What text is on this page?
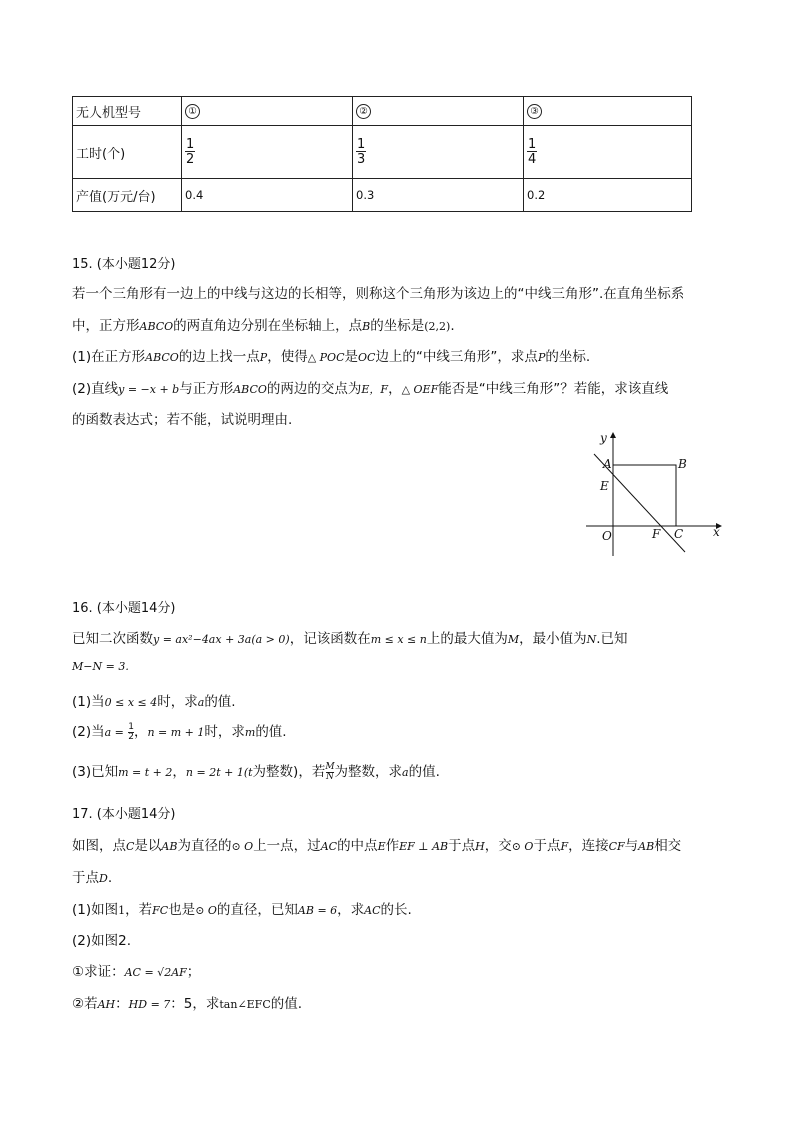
无人机型号	①	②	③
工时(个)	$\frac{1}{2}$	$\frac{1}{3}$	$\frac{1}{4}$

产值(万元/台)	0.4	0.3	0.2
15. (本小题12分)
若一个三角形有一边上的中线与这边的长相等，则称这个三角形为该边上的“中线三角形”.在直角坐标系
中，正方形ABCO的两直角边分别在坐标轴上，点B的坐标是(2,2).
(1)在正方形ABCO的边上找一点P，使得△ POC是OC边上的“中线三角形”，求点P的坐标.
(2)直线y = −x + b与正方形ABCO的两边的交点为E，F，△ OEF能否是“中线三角形”？若能，求该直线
的函数表达式；若不能，试说明理由.
y
x
A	B
E
O	F C
16. (本小题14分)
已知二次函数y = ax²−4ax + 3a(a > 0)，记该函数在m ≤ x ≤ n上的最大值为M，最小值为N.已知
M−N = 3.
(1)当0 ≤ x ≤ 4时，求a的值.
(2)当$a = \frac{1}{2}$ ，n = m + 1时，求m的值.
(3)已知m = t + 2，n = 2t + 1(t为整数)，若 $\frac{M}{N}$ 为整数，求a的值.
17. (本小题14分)
如图，点C是以AB为直径的⊙ O上一点，过AC的中点E作EF ⊥ AB于点H，交⊙ O于点F，连接CF与AB相交
于点D.
(1)如图1，若FC也是⊙ O的直径，已知AB = 6，求AC的长.
(2)如图2.
①求证：AC = √2AF；
②若AH：HD = 7：5，求tan∠EFC的值.
